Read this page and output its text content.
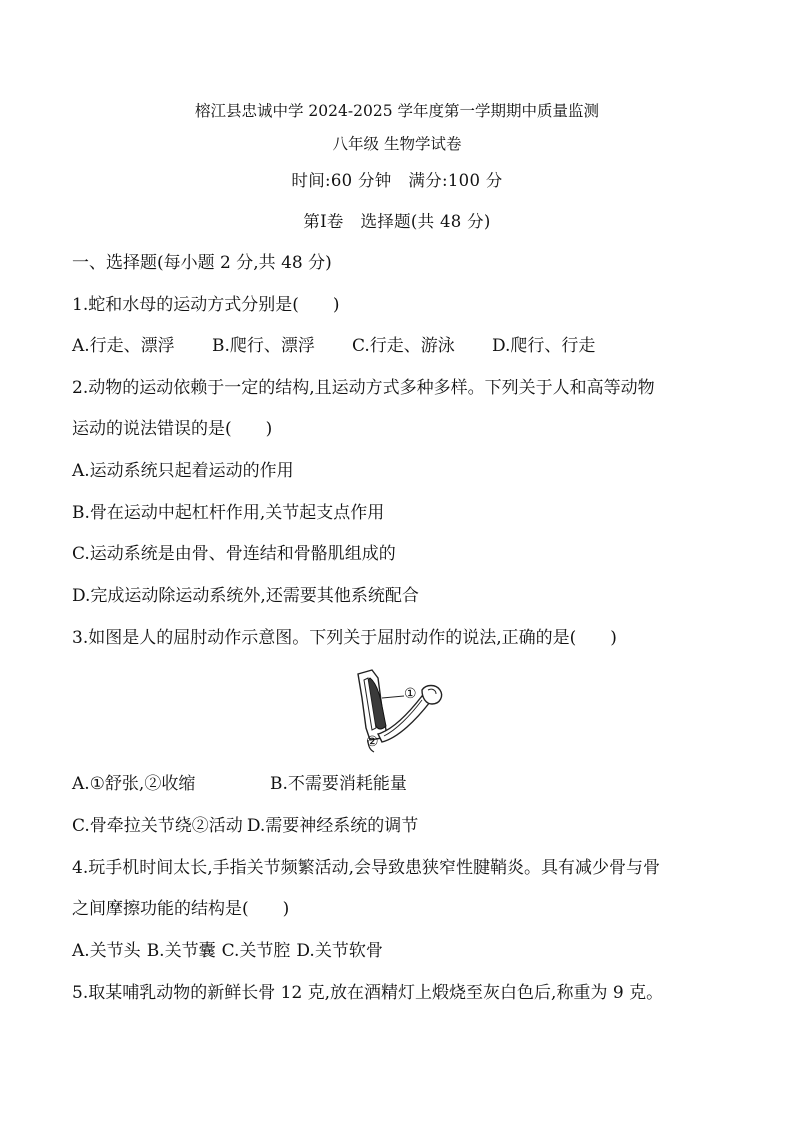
榕江县忠诚中学 2024-2025 学年度第一学期期中质量监测
八年级 生物学试卷
时间:60 分钟　满分:100 分
第Ⅰ卷　选择题(共 48 分)
一、选择题(每小题 2 分,共 48 分)
1.蛇和水母的运动方式分别是(　　)
A.行走、漂浮 B.爬行、漂浮 C.行走、游泳 D.爬行、行走
2.动物的运动依赖于一定的结构,且运动方式多种多样。下列关于人和高等动物
运动的说法错误的是(　　)
A.运动系统只起着运动的作用
B.骨在运动中起杠杆作用,关节起支点作用
C.运动系统是由骨、骨连结和骨骼肌组成的
D.完成运动除运动系统外,还需要其他系统配合
3.如图是人的屈肘动作示意图。下列关于屈肘动作的说法,正确的是(　　)
①
②
A.①舒张,②收缩	B.不需要消耗能量
C.骨牵拉关节绕②活动 D.需要神经系统的调节
4.玩手机时间太长,手指关节频繁活动,会导致患狭窄性腱鞘炎。具有减少骨与骨
之间摩擦功能的结构是(　　)
A.关节头 B.关节囊 C.关节腔 D.关节软骨
5.取某哺乳动物的新鲜长骨 12 克,放在酒精灯上煅烧至灰白色后,称重为 9 克。
